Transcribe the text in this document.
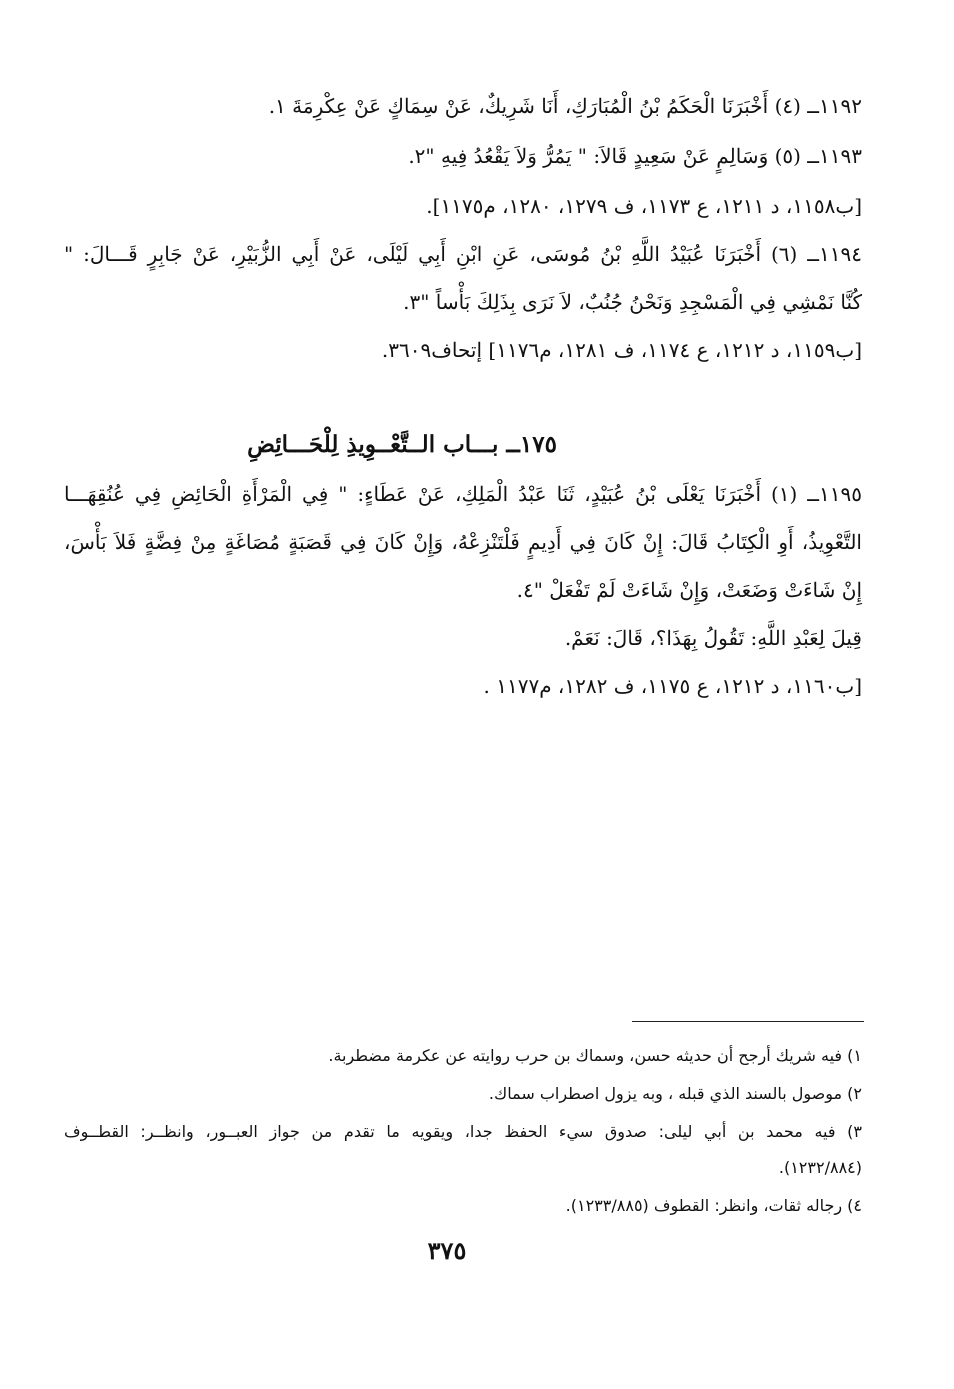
١١٩٢ــ (٤) أَخْبَرَنَا الْحَكَمُ بْنُ الْمُبَارَكِ، أَنَا شَرِيكٌ، عَنْ سِمَاكٍ عَنْ عِكْرِمَةَ ١.
١١٩٣ــ (٥) وَسَالِمٍ عَنْ سَعِيدٍ قَالاَ: " يَمُرُّ وَلاَ يَقْعُدُ فِيهِ "٢.
[ب١١٥٨، د ١٢١١، ع ١١٧٣، ف ١٢٧٩، ١٢٨٠، م١١٧٥].
١١٩٤ــ (٦) أَخْبَرَنَا عُبَيْدُ اللَّهِ بْنُ مُوسَى، عَنِ ابْنِ أَبِي لَيْلَى، عَنْ أَبِي الزُّبَيْرِ، عَنْ جَابِرٍ قَـــالَ: "
كُنَّا نَمْشِي فِي الْمَسْجِدِ وَنَحْنُ جُنُبٌ، لاَ نَرَى بِذَلِكَ بَأْساً "٣.
[ب١١٥٩، د ١٢١٢، ع ١١٧٤، ف ١٢٨١، م١١٧٦] إتحاف٣٦٠٩.
١٧٥ــ بـــاب الــتَّعْــوِيذِ لِلْحَـــائِضِ
١١٩٥ــ (١) أَخْبَرَنَا يَعْلَى بْنُ عُبَيْدٍ، ثَنَا عَبْدُ الْمَلِكِ، عَنْ عَطَاءٍ: " فِي الْمَرْأَةِ الْحَائِضِ فِي عُنُقِهَـــا
التَّعْوِيذُ، أَوِ الْكِتَابُ قَالَ: إِنْ كَانَ فِي أَدِيمٍ فَلْتَنْزِعْهُ، وَإِنْ كَانَ فِي قَصَبَةٍ مُصَاغَةٍ مِنْ فِضَّةٍ فَلاَ بَأْسَ،
إِنْ شَاءَتْ وَضَعَتْ، وَإِنْ شَاءَتْ لَمْ تَفْعَلْ "٤.
قِيلَ لِعَبْدِ اللَّهِ: تَقُولُ بِهَذَا؟، قَالَ: نَعَمْ.
[ب١١٦٠، د ١٢١٢، ع ١١٧٥، ف ١٢٨٢، م١١٧٧ .
١) فيه شريك أرجح أن حديثه حسن، وسماك بن حرب روايته عن عكرمة مضطربة.
٢) موصول بالسند الذي قبله ، وبه يزول اصطراب سماك.
٣) فيه محمد بن أبي ليلى: صدوق سيء الحفظ جدا، ويقويه ما تقدم من جواز العبــور، وانظــر: القطــوف
(١٢٣٢/٨٨٤).
٤) رجاله ثقات، وانظر: القطوف (١٢٣٣/٨٨٥).
٣٧٥
